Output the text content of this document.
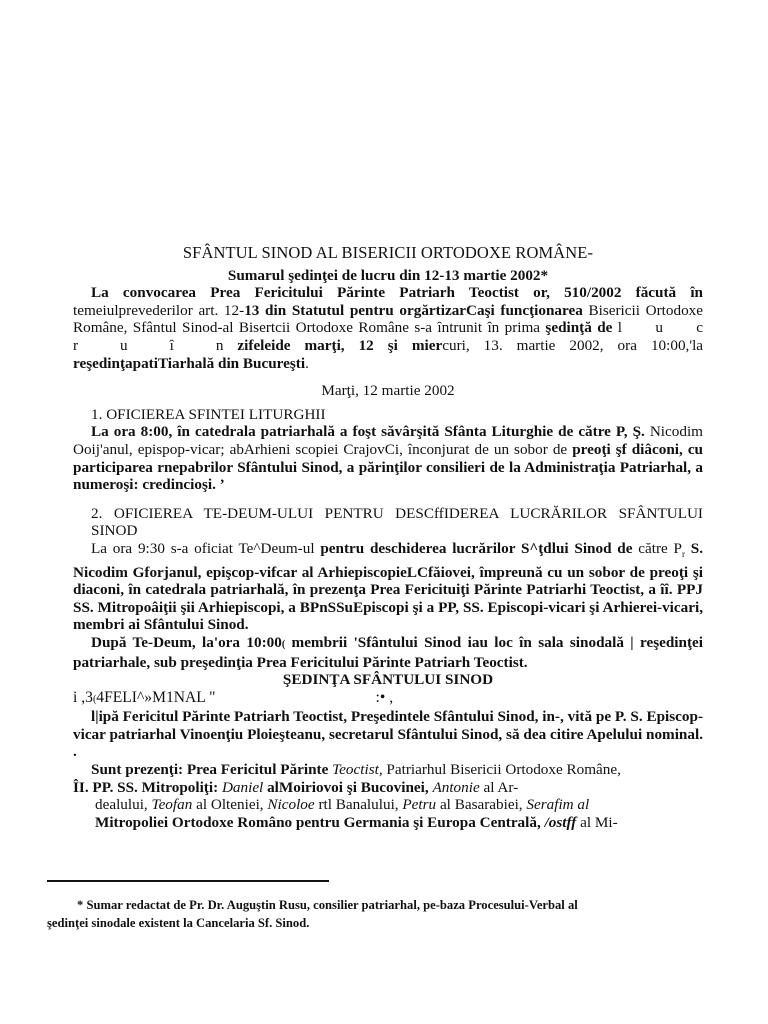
SFÂNTUL SINOD AL BISERICII ORTODOXE ROMÂNE-
Sumarul şedinţei de lucru din 12-13 martie 2002*

La convocarea Prea Fericitului Părinte Patriarh Teoctist or, 510/2002 făcută în temeiulprevederilor art. 12-13 din Statutul pentru orgărtizarCaşi funcţionarea Bisericii Ortodoxe Române, Sfântul Sinod-al Bisertcii Ortodoxe Române s-a întrunit în prima şedinţă de l u c r u î n zifeleide marţi, 12 şi miercuri, 13. martie 2002, ora 10:00,'la reşedinţapatiTiarhală din Bucureşti.

Marţi, 12 martie 2002
1. OFICIEREA SFINTEI LITURGHII

La ora 8:00, în catedrala patriarhală a foşt săvârşită Sfânta Liturghie de către P, Ş. Nicodim Ooij'anul, epispop-vicar; abArhieni scopiei CrajovCi, înconjurat de un sobor de preoţi şf diâconi, cu participarea rnepabrilor Sfântului Sinod, a părinţilor consilieri de la Administraţia Patriarhal, a numeroşi: credincioşi. ’

2. OFICIEREA TE-DEUM-ULUI PENTRU DESCffIDEREA LUCRĂRILOR SFÂNTULUI SINOD

La ora 9:30 s-a oficiat Te^Deum-ul pentru deschiderea lucrărilor S^ţdlui Sinod de către $P_r$ S. Nicodim Gforjanul, epişcop-vifcar al ArhiepiscopieLCfăiovei, împreună cu un sobor de preoţi şi diaconi, în catedrala patriarhală, în prezenţa Prea Fericituiţi Părinte Patriarhi Teoctist, a îî. PPJ SS. Mitropoâiţii şii Arhiepiscopi, a BPnSSuEpiscopi şi a PP, SS. Episcopi-vicari şi Arhierei-vicari, membri ai Sfântului Sinod.

După Te-Deum, la'ora 10:00( membrii 'Sfântului Sinod iau loc în sala sinodală | reşedinţei patriarhale, sub preşedinţia Prea Fericitului Părinte Patriarh Teoctist.

ŞEDINŢA SFÂNTULUI SINOD
i ,3(4FELI^»M1NAL "	:• ,

l|ipă Fericitul Părinte Patriarh Teoctist, Preşedintele Sfântului Sinod, in-, vită pe P. S. Episcop-vicar patriarhal Vinoenţiu Ploieşteanu, secretarul Sfântului Sinod, să dea citire Apelului nominal. .

Sunt prezenţi: Prea Fericitul Părinte Teoctist, Patriarhul Bisericii Ortodoxe Române,

ÎI. PP. SS. Mitropoliţi: Daniel alMoiriovoi şi Bucovinei, Antonie al Ar-
dealului, Teofan al Olteniei, Nicoloe rtl Banalului, Petru al Basarabiei, Serafim al
Mitropoliei Ortodoxe Româno pentru Germania şi Europa Centrală, /ostff al Mi-
* Sumar redactat de Pr. Dr. Auguştin Rusu, consilier patriarhal, pe-baza Procesului-Verbal al
şedinţei sinodale existent la Cancelaria Sf. Sinod.
